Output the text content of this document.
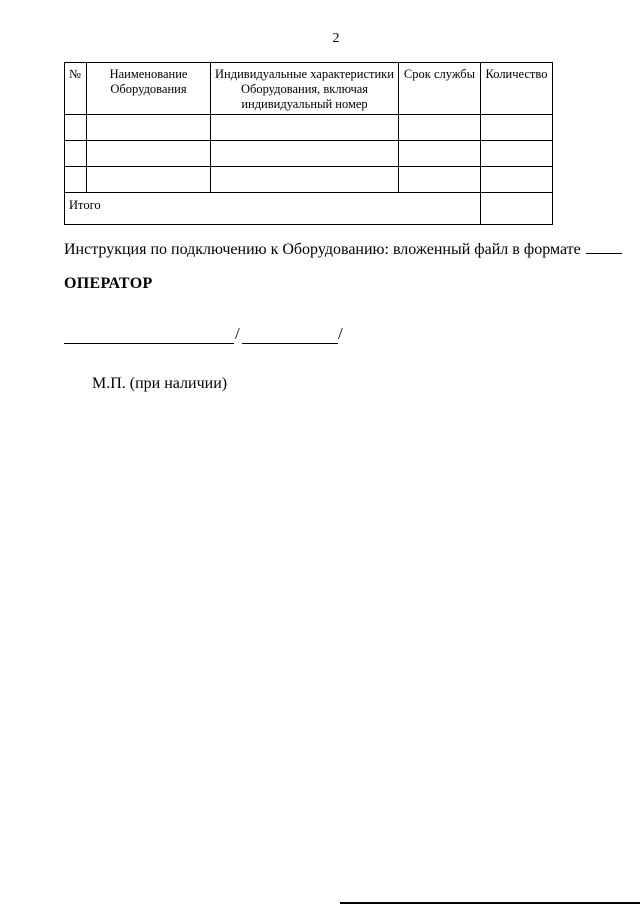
2
№	Наименование Оборудования	Индивидуальные характеристики Оборудования, включая индивидуальный номер	Срок службы	Количество

Итого				
Инструкция по подключению к Оборудованию: вложенный файл в формате
ОПЕРАТОР
/	/
М.П. (при наличии)
